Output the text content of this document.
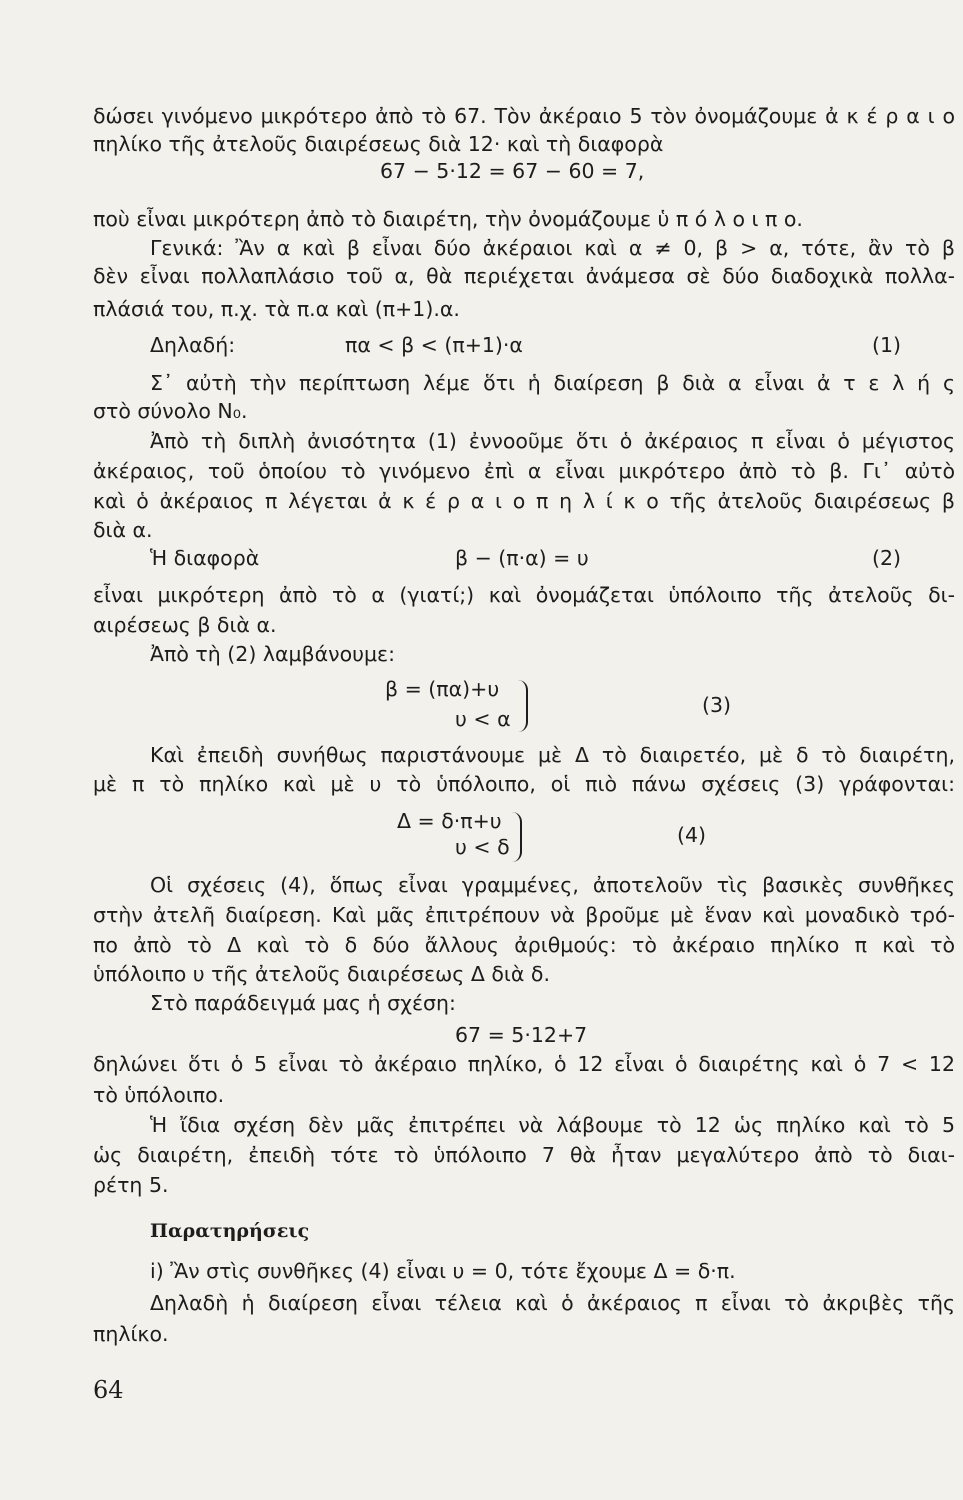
δώσει γινόμενο μικρότερο ἀπὸ τὸ 67. Τὸν ἀκέραιο 5 τὸν ὀνομάζουμε ἀ κ έ ρ α ι ο
πηλίκο τῆς ἀτελοῦς διαιρέσεως διὰ 12· καὶ τὴ διαφορὰ
67 − 5·12 = 67 − 60 = 7,
ποὺ εἶναι μικρότερη ἀπὸ τὸ διαιρέτη, τὴν ὀνομάζουμε ὑ π ό λ ο ι π ο.
Γενικά: Ἂν α καὶ β εἶναι δύο ἀκέραιοι καὶ α ≠ 0, β > α, τότε, ἂν τὸ β
δὲν εἶναι πολλαπλάσιο τοῦ α, θὰ περιέχεται ἀνάμεσα σὲ δύο διαδοχικὰ πολλα-
πλάσιά του, π.χ. τὰ π.α καὶ (π+1).α.
Δηλαδή:	πα < β < (π+1)·α	(1)
Σ᾽ αὐτὴ τὴν περίπτωση λέμε ὅτι ἡ διαίρεση β διὰ α εἶναι ἀ τ ε λ ή ς
στὸ σύνολο N₀.
Ἀπὸ τὴ διπλὴ ἀνισότητα (1) ἐννοοῦμε ὅτι ὁ ἀκέραιος π εἶναι ὁ μέγιστος
ἀκέραιος, τοῦ ὁποίου τὸ γινόμενο ἐπὶ α εἶναι μικρότερο ἀπὸ τὸ β. Γι᾽ αὐτὸ
καὶ ὁ ἀκέραιος π λέγεται ἀ κ έ ρ α ι ο π η λ ί κ ο τῆς ἀτελοῦς διαιρέσεως β
διὰ α.
Ἡ διαφορὰ	β − (π·α) = υ	(2)
εἶναι μικρότερη ἀπὸ τὸ α (γιατί;) καὶ ὀνομάζεται ὑπόλοιπο τῆς ἀτελοῦς δι-
αιρέσεως β διὰ α.
Ἀπὸ τὴ (2) λαμβάνουμε:
β = (πα)+υ
υ < α
(3)
Καὶ ἐπειδὴ συνήθως παριστάνουμε μὲ Δ τὸ διαιρετέο, μὲ δ τὸ διαιρέτη,
μὲ π τὸ πηλίκο καὶ μὲ υ τὸ ὑπόλοιπο, οἱ πιὸ πάνω σχέσεις (3) γράφονται:
Δ = δ·π+υ
υ < δ	(4)
Οἱ σχέσεις (4), ὅπως εἶναι γραμμένες, ἀποτελοῦν τὶς βασικὲς συνθῆκες
στὴν ἀτελῆ διαίρεση. Καὶ μᾶς ἐπιτρέπουν νὰ βροῦμε μὲ ἕναν καὶ μοναδικὸ τρό-
πο ἀπὸ τὸ Δ καὶ τὸ δ δύο ἄλλους ἀριθμούς: τὸ ἀκέραιο πηλίκο π καὶ τὸ
ὑπόλοιπο υ τῆς ἀτελοῦς διαιρέσεως Δ διὰ δ.
Στὸ παράδειγμά μας ἡ σχέση:
67 = 5·12+7
δηλώνει ὅτι ὁ 5 εἶναι τὸ ἀκέραιο πηλίκο, ὁ 12 εἶναι ὁ διαιρέτης καὶ ὁ 7 < 12
τὸ ὑπόλοιπο.
Ἡ ἴδια σχέση δὲν μᾶς ἐπιτρέπει νὰ λάβουμε τὸ 12 ὡς πηλίκο καὶ τὸ 5
ὡς διαιρέτη, ἐπειδὴ τότε τὸ ὑπόλοιπο 7 θὰ ἦταν μεγαλύτερο ἀπὸ τὸ διαι-
ρέτη 5.
Παρατηρήσεις
i) Ἂν στὶς συνθῆκες (4) εἶναι υ = 0, τότε ἔχουμε Δ = δ·π.
Δηλαδὴ ἡ διαίρεση εἶναι τέλεια καὶ ὁ ἀκέραιος π εἶναι τὸ ἀκριβὲς τῆς
πηλίκο.
64
